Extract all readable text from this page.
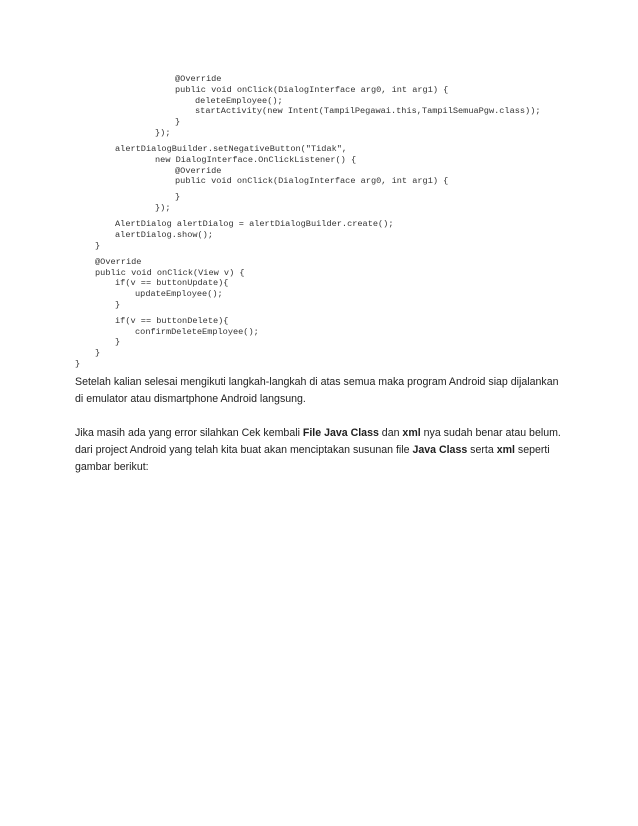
@Override
public void onClick(DialogInterface arg0, int arg1) {
deleteEmployee();
startActivity(new Intent(TampilPegawai.this,TampilSemuaPgw.class));
}
});
alertDialogBuilder.setNegativeButton("Tidak",
new DialogInterface.OnClickListener() {
@Override
public void onClick(DialogInterface arg0, int arg1) {
}
});
AlertDialog alertDialog = alertDialogBuilder.create();
alertDialog.show();
}
@Override
public void onClick(View v) {
if(v == buttonUpdate){
updateEmployee();
}
if(v == buttonDelete){
confirmDeleteEmployee();
}
}
}

Setelah kalian selesai mengikuti langkah-langkah di atas semua maka program Android siap dijalankan di emulator atau dismartphone Android langsung.

Jika masih ada yang error silahkan Cek kembali File Java Class dan xml nya sudah benar atau belum. dari project Android yang telah kita buat akan menciptakan susunan file Java Class serta xml seperti gambar berikut:
